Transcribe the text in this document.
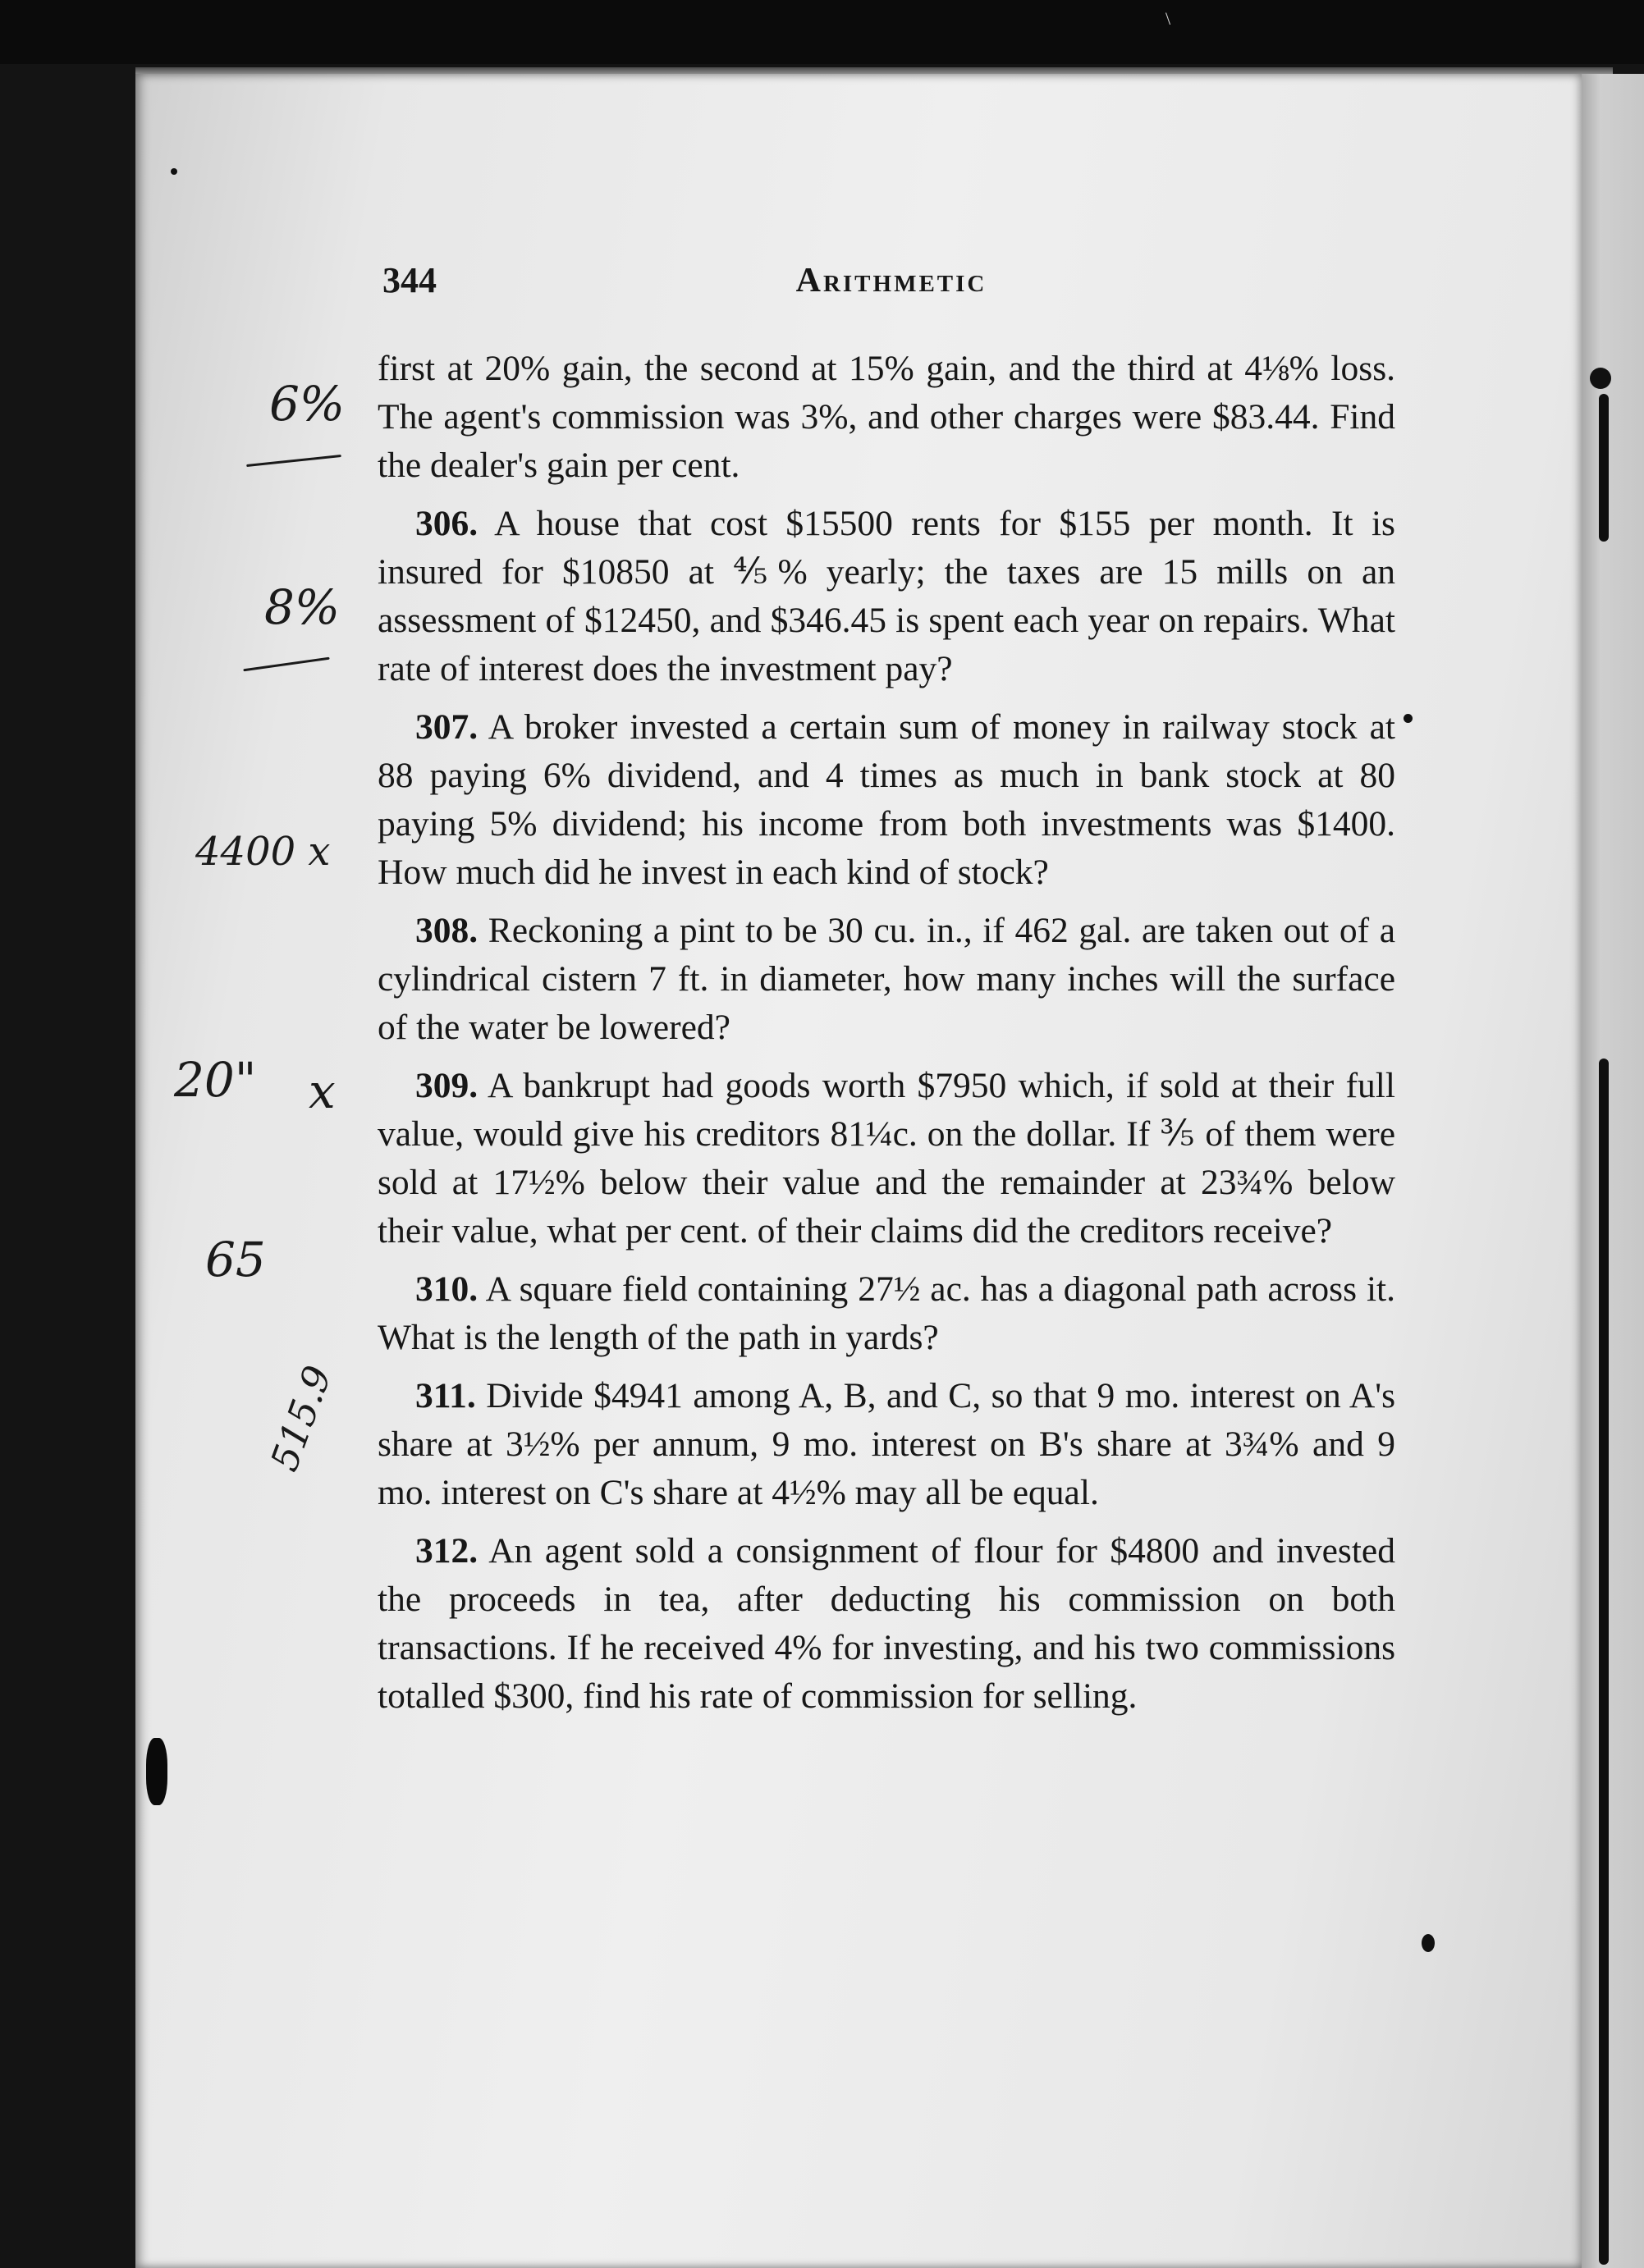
\
344	Arithmetic

first at 20% gain, the second at 15% gain, and the third at 4⅛% loss. The agent's commission was 3%, and other charges were $83.44. Find the dealer's gain per cent.

306. A house that cost $15500 rents for $155 per month. It is insured for $10850 at ⅘% yearly; the taxes are 15 mills on an assessment of $12450, and $346.45 is spent each year on repairs. What rate of interest does the investment pay?

307. A broker invested a certain sum of money in railway stock at 88 paying 6% dividend, and 4 times as much in bank stock at 80 paying 5% dividend; his income from both investments was $1400. How much did he invest in each kind of stock?

308. Reckoning a pint to be 30 cu. in., if 462 gal. are taken out of a cylindrical cistern 7 ft. in diameter, how many inches will the surface of the water be lowered?

309. A bankrupt had goods worth $7950 which, if sold at their full value, would give his creditors 81¼c. on the dollar. If ⅗ of them were sold at 17½% below their value and the remainder at 23¾% below their value, what per cent. of their claims did the creditors receive?

310. A square field containing 27½ ac. has a diagonal path across it. What is the length of the path in yards?

311. Divide $4941 among A, B, and C, so that 9 mo. interest on A's share at 3½% per annum, 9 mo. interest on B's share at 3¾% and 9 mo. interest on C's share at 4½% may all be equal.

312. An agent sold a consignment of flour for $4800 and invested the proceeds in tea, after deducting his commission on both transactions. If he received 4% for investing, and his two commissions totalled $300, find his rate of commission for selling.

6%
8%
4400 x
20" x
65
515.9
